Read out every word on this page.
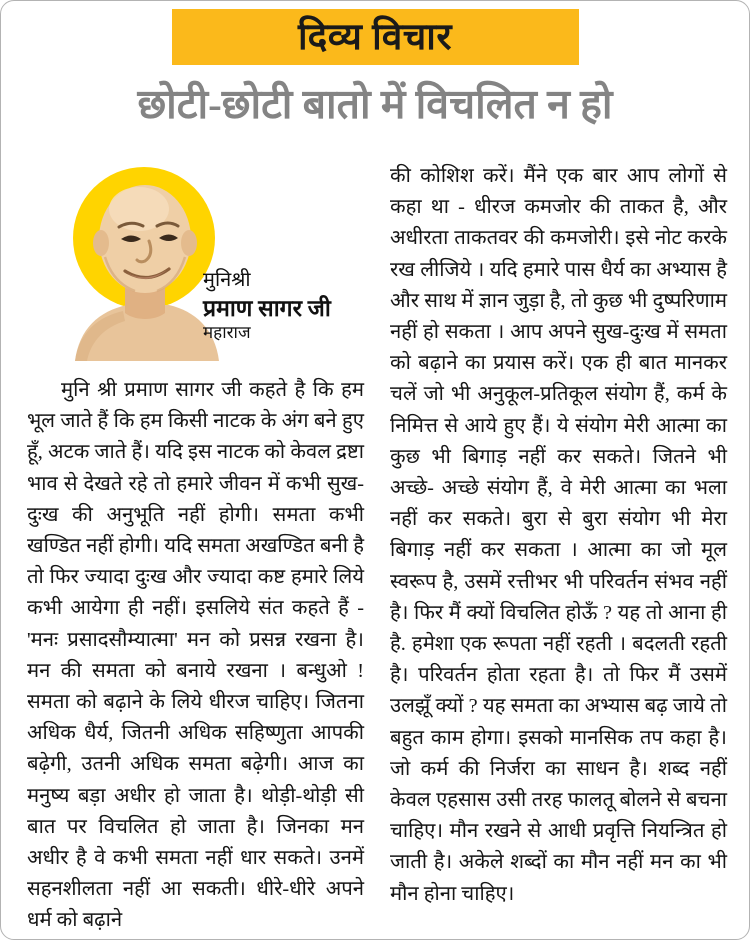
दिव्य विचार
छोटी-छोटी बातो में विचलित न हो
मुनिश्री
प्रमाण सागर जी
महाराज

मुनि श्री प्रमाण सागर जी कहते है कि हम भूल जाते हैं कि हम किसी नाटक के अंग बने हुए हूँ, अटक जाते हैं। यदि इस नाटक को केवल द्रष्टा भाव से देखते रहे तो हमारे जीवन में कभी सुख-दुःख की अनुभूति नहीं होगी। समता कभी खण्डित नहीं होगी। यदि समता अखण्डित बनी है तो फिर ज्यादा दुःख और ज्यादा कष्ट हमारे लिये कभी आयेगा ही नहीं। इसलिये संत कहते हैं - 'मनः प्रसादसौम्यात्मा' मन को प्रसन्न रखना है। मन की समता को बनाये रखना । बन्धुओ ! समता को बढ़ाने के लिये धीरज चाहिए। जितना अधिक धैर्य, जितनी अधिक सहिष्णुता आपकी बढ़ेगी, उतनी अधिक समता बढ़ेगी। आज का मनुष्य बड़ा अधीर हो जाता है। थोड़ी-थोड़ी सी बात पर विचलित हो जाता है। जिनका मन अधीर है वे कभी समता नहीं धार सकते। उनमें सहनशीलता नहीं आ सकती। धीरे-धीरे अपने धर्म को बढ़ाने

की कोशिश करें। मैंने एक बार आप लोगों से कहा था - धीरज कमजोर की ताकत है, और अधीरता ताकतवर की कमजोरी। इसे नोट करके रख लीजिये । यदि हमारे पास धैर्य का अभ्यास है और साथ में ज्ञान जुड़ा है, तो कुछ भी दुष्परिणाम नहीं हो सकता । आप अपने सुख-दुःख में समता को बढ़ाने का प्रयास करें। एक ही बात मानकर चलें जो भी अनुकूल-प्रतिकूल संयोग हैं, कर्म के निमित्त से आये हुए हैं। ये संयोग मेरी आत्मा का कुछ भी बिगाड़ नहीं कर सकते। जितने भी अच्छे- अच्छे संयोग हैं, वे मेरी आत्मा का भला नहीं कर सकते। बुरा से बुरा संयोग भी मेरा बिगाड़ नहीं कर सकता । आत्मा का जो मूल स्वरूप है, उसमें रत्तीभर भी परिवर्तन संभव नहीं है। फिर मैं क्यों विचलित होऊँ ? यह तो आना ही है. हमेशा एक रूपता नहीं रहती । बदलती रहती है। परिवर्तन होता रहता है। तो फिर मैं उसमें उलझूँ क्यों ? यह समता का अभ्यास बढ़ जाये तो बहुत काम होगा। इसको मानसिक तप कहा है। जो कर्म की निर्जरा का साधन है। शब्द नहीं केवल एहसास उसी तरह फालतू बोलने से बचना चाहिए। मौन रखने से आधी प्रवृत्ति नियन्त्रित हो जाती है। अकेले शब्दों का मौन नहीं मन का भी मौन होना चाहिए।
